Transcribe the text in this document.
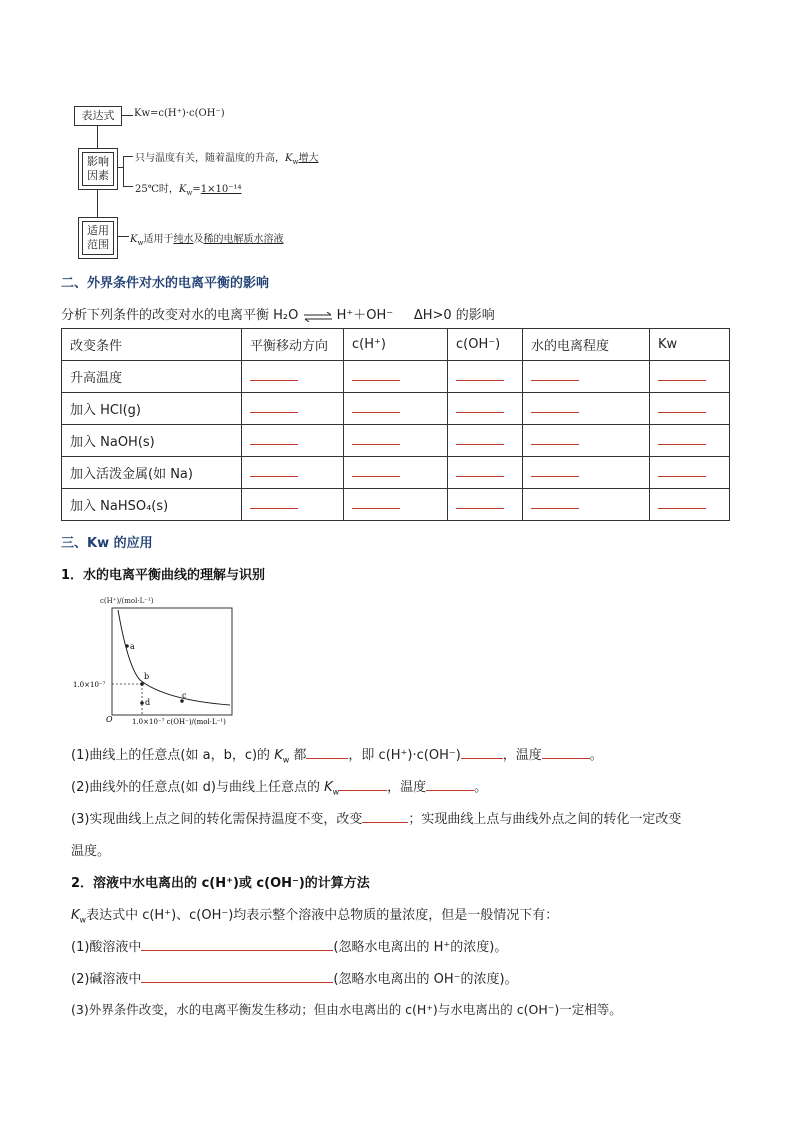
表达式 Kw=c(H⁺)·c(OH⁻)
影响
因素
只与温度有关，随着温度的升高，$K_w$增大
25℃时，$K_w=1\times 10^{-14}$
适用
范围 $K_w$适用于纯水及稀的电解质水溶液
二、外界条件对水的电离平衡的影响
分析下列条件的改变对水的电离平衡 H₂O ⇌ H⁺＋OH⁻ ΔH>0 的影响
改变条件	平衡移动方向	c(H⁺)	c(OH⁻)	水的电离程度	Kw
升高温度					
加入 HCl(g)					
加入 NaOH(s)					
加入活泼金属(如 Na)					
加入 NaHSO₄(s)					
三、Kw 的应用
1．水的电离平衡曲线的理解与识别
c(H⁺)/(mol·L⁻¹)
a
b
c
d
1.0×10⁻⁷
O	1.0×10⁻⁷ c(OH⁻)/(mol·L⁻¹)
(1)曲线上的任意点(如 a，b，c)的 $K_w$ 都	，即 c(H⁺)·c(OH⁻)	，温度	。
(2)曲线外的任意点(如 d)与曲线上任意点的 $K_w$	，温度	。
(3)实现曲线上点之间的转化需保持温度不变，改变	；实现曲线上点与曲线外点之间的转化一定改变
温度。
2．溶液中水电离出的 c(H⁺)或 c(OH⁻)的计算方法
$K_w$表达式中 c(H⁺)、c(OH⁻)均表示整个溶液中总物质的量浓度，但是一般情况下有：
(1)酸溶液中	(忽略水电离出的 H⁺的浓度)。
(2)碱溶液中	(忽略水电离出的 OH⁻的浓度)。
(3)外界条件改变，水的电离平衡发生移动；但由水电离出的 c(H⁺)与水电离出的 c(OH⁻)一定相等。
